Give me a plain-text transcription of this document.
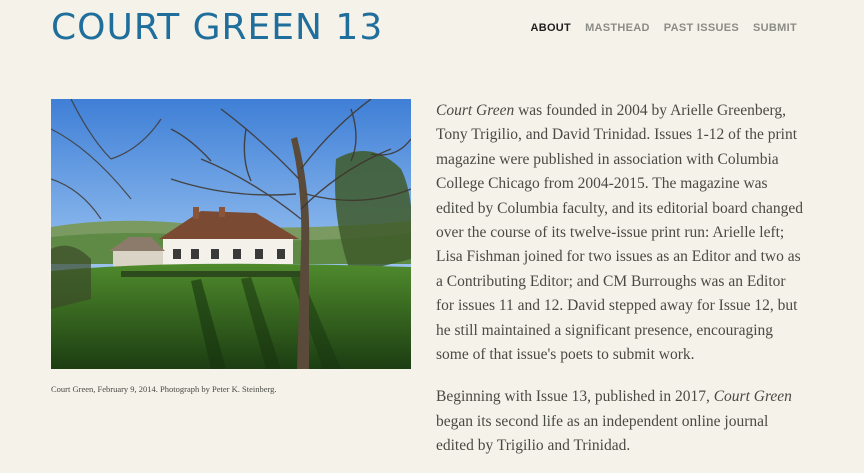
COURT GREEN 13	ABOUT MASTHEAD PAST ISSUES SUBMIT
Court Green, February 9, 2014. Photograph by Peter K. Steinberg.

Court Green was founded in 2004 by Arielle Greenberg, Tony Trigilio, and David Trinidad. Issues 1-12 of the print magazine were published in association with Columbia College Chicago from 2004-2015. The magazine was edited by Columbia faculty, and its editorial board changed over the course of its twelve-issue print run: Arielle left; Lisa Fishman joined for two issues as an Editor and two as a Contributing Editor; and CM Burroughs was an Editor for issues 11 and 12. David stepped away for Issue 12, but he still maintained a significant presence, encouraging some of that issue's poets to submit work.

Beginning with Issue 13, published in 2017, Court Green began its second life as an independent online journal edited by Trigilio and Trinidad.
